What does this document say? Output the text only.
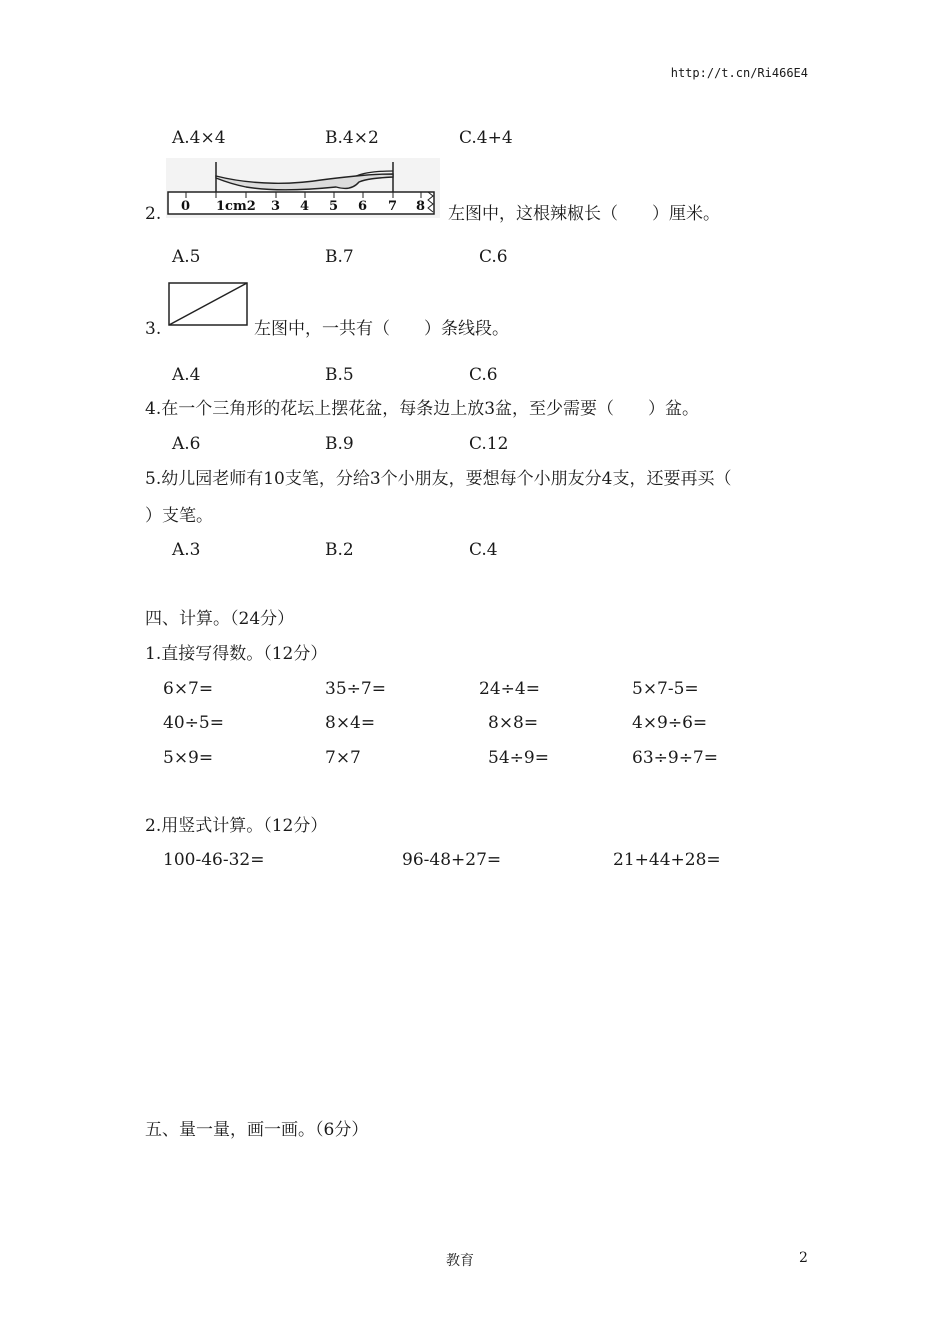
http://t.cn/Ri466E4
A.4×4	B.4×2	C.4+4
2. 0 1cm2 3 4 5 6 7 8 左图中，这根辣椒长（　　）厘米。
A.5	B.7	C.6
3.	左图中，一共有（　　）条线段。
A.4	B.5	C.6
4.在一个三角形的花坛上摆花盆，每条边上放3盆，至少需要（　　）盆。
A.6	B.9	C.12
5.幼儿园老师有10支笔，分给3个小朋友，要想每个小朋友分4支，还要再买（
）支笔。
A.3	B.2	C.4
四、计算。（24分）
1.直接写得数。（12分）
6×7=	35÷7=	24÷4=	5×7-5=
40÷5=	8×4=	8×8=	4×9÷6=
5×9=	7×7	54÷9=	63÷9÷7=
2.用竖式计算。（12分）
100-46-32=	96-48+27=	21+44+28=
五、量一量，画一画。（6分）
教育	2
